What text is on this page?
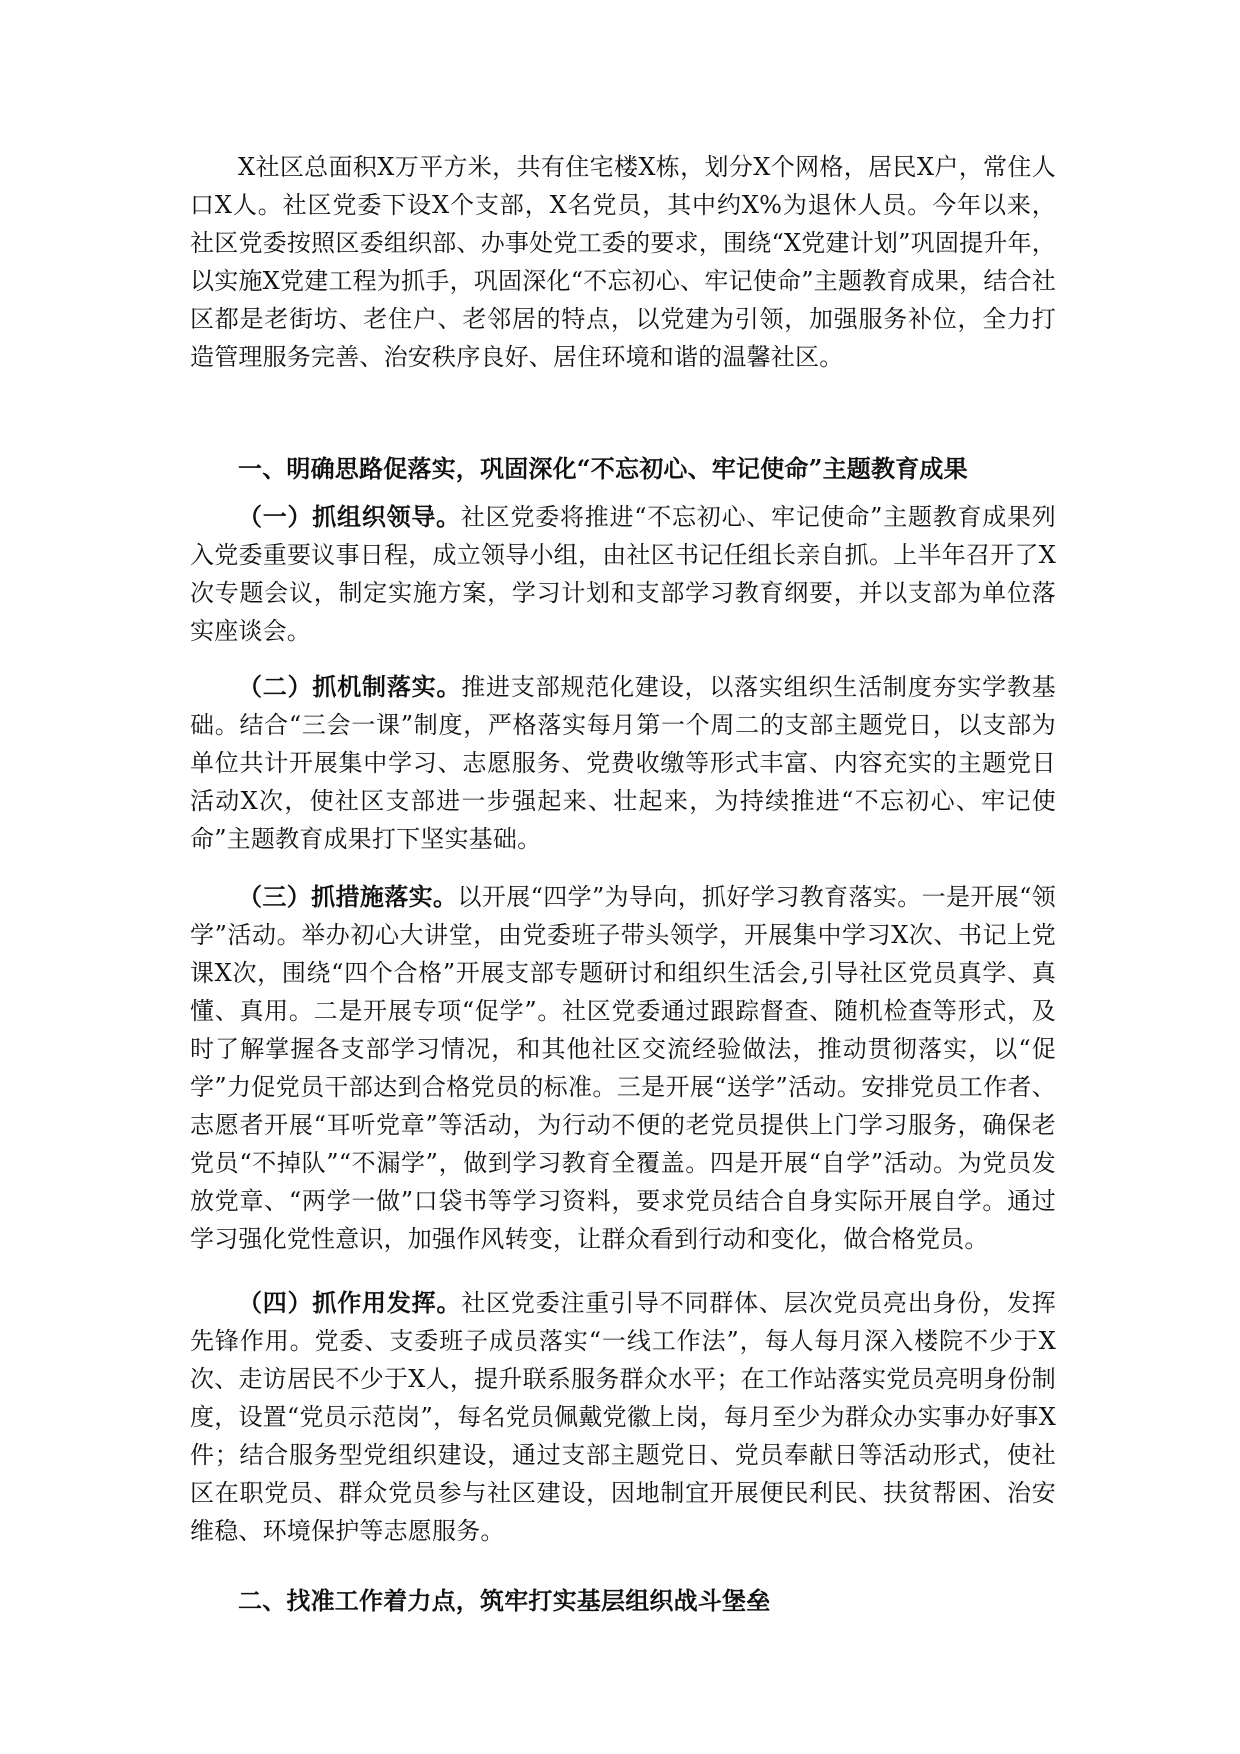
X社区总面积X万平方米，共有住宅楼X栋，划分X个网格，居民X户，常住人口X人。社区党委下设X个支部，X名党员，其中约X%为退休人员。今年以来，社区党委按照区委组织部、办事处党工委的要求，围绕“X党建计划”巩固提升年，以实施X党建工程为抓手，巩固深化“不忘初心、牢记使命”主题教育成果，结合社区都是老街坊、老住户、老邻居的特点，以党建为引领，加强服务补位，全力打造管理服务完善、治安秩序良好、居住环境和谐的温馨社区。

一、明确思路促落实，巩固深化“不忘初心、牢记使命”主题教育成果

（一）抓组织领导。社区党委将推进“不忘初心、牢记使命”主题教育成果列入党委重要议事日程，成立领导小组，由社区书记任组长亲自抓。上半年召开了X次专题会议，制定实施方案，学习计划和支部学习教育纲要，并以支部为单位落实座谈会。

（二）抓机制落实。推进支部规范化建设，以落实组织生活制度夯实学教基础。结合“三会一课”制度，严格落实每月第一个周二的支部主题党日，以支部为单位共计开展集中学习、志愿服务、党费收缴等形式丰富、内容充实的主题党日活动X次，使社区支部进一步强起来、壮起来，为持续推进“不忘初心、牢记使命”主题教育成果打下坚实基础。

（三）抓措施落实。以开展“四学”为导向，抓好学习教育落实。一是开展“领学”活动。举办初心大讲堂，由党委班子带头领学，开展集中学习X次、书记上党课X次，围绕“四个合格”开展支部专题研讨和组织生活会,引导社区党员真学、真懂、真用。二是开展专项“促学”。社区党委通过跟踪督查、随机检查等形式，及时了解掌握各支部学习情况，和其他社区交流经验做法，推动贯彻落实，以“促学”力促党员干部达到合格党员的标准。三是开展“送学”活动。安排党员工作者、志愿者开展“耳听党章”等活动，为行动不便的老党员提供上门学习服务，确保老党员“不掉队”“不漏学”，做到学习教育全覆盖。四是开展“自学”活动。为党员发放党章、“两学一做”口袋书等学习资料，要求党员结合自身实际开展自学。通过学习强化党性意识，加强作风转变，让群众看到行动和变化，做合格党员。

（四）抓作用发挥。社区党委注重引导不同群体、层次党员亮出身份，发挥先锋作用。党委、支委班子成员落实“一线工作法”，每人每月深入楼院不少于X次、走访居民不少于X人，提升联系服务群众水平；在工作站落实党员亮明身份制度，设置“党员示范岗”，每名党员佩戴党徽上岗，每月至少为群众办实事办好事X件；结合服务型党组织建设，通过支部主题党日、党员奉献日等活动形式，使社区在职党员、群众党员参与社区建设，因地制宜开展便民利民、扶贫帮困、治安维稳、环境保护等志愿服务。

二、找准工作着力点，筑牢打实基层组织战斗堡垒
